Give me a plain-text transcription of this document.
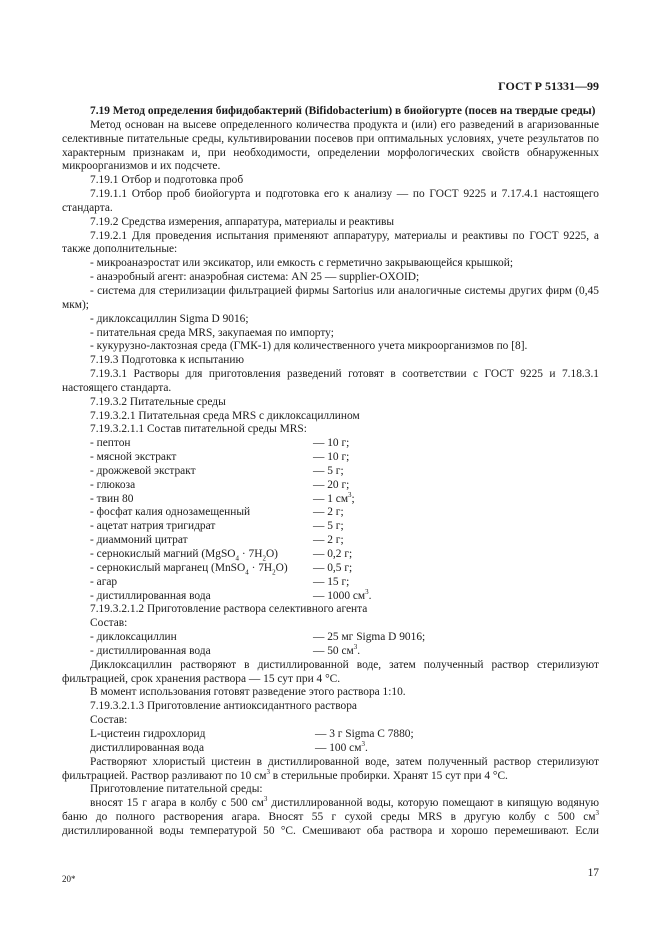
ГОСТ Р 51331—99

7.19 Метод определения бифидобактерий (Bifidobacterium) в биойогурте (посев на твердые среды)

Метод основан на высеве определенного количества продукта и (или) его разведений в агаризованные селективные питательные среды, культивировании посевов при оптимальных условиях, учете результатов по характерным признакам и, при необходимости, определении морфологических свойств обнаруженных микроорганизмов и их подсчете.

7.19.1 Отбор и подготовка проб

7.19.1.1 Отбор проб биойогурта и подготовка его к анализу — по ГОСТ 9225 и 7.17.4.1 настоящего стандарта.

7.19.2 Средства измерения, аппаратура, материалы и реактивы

7.19.2.1 Для проведения испытания применяют аппаратуру, материалы и реактивы по ГОСТ 9225, а также дополнительные:

- микроанаэростат или эксикатор, или емкость с герметично закрывающейся крышкой;

- анаэробный агент: анаэробная система: AN 25 — supplier-OXOID;

- система для стерилизации фильтрацией фирмы Sartorius или аналогичные системы других фирм (0,45 мкм);

- диклоксациллин Sigma D 9016;

- питательная среда MRS, закупаемая по импорту;

- кукурузно-лактозная среда (ГМК-1) для количественного учета микроорганизмов по [8].

7.19.3 Подготовка к испытанию

7.19.3.1 Растворы для приготовления разведений готовят в соответствии с ГОСТ 9225 и 7.18.3.1 настоящего стандарта.

7.19.3.2 Питательные среды

7.19.3.2.1 Питательная среда MRS с диклоксациллином

7.19.3.2.1.1 Состав питательной среды MRS:

- пептон	— 10 г;
- мясной экстракт	— 10 г;
- дрожжевой экстракт	— 5 г;
- глюкоза	— 20 г;
- твин 80	— 1 $см^3$;
- фосфат калия однозамещенный	— 2 г;
- ацетат натрия тригидрат	— 5 г;
- диаммоний цитрат	— 2 г;
- сернокислый магний (MgSO$_4$ · $7H_2O$)	— 0,2 г;
- сернокислый марганец (MnSO$_4$ · $7H_2O$)	— 0,5 г;
- агар	— 15 г;
- дистиллированная вода	— 1000 $см^3$.

7.19.3.2.1.2 Приготовление раствора селективного агента

Состав:

- диклоксациллин	— 25 мг Sigma D 9016;
- дистиллированная вода	— 50 $см^3$.

Диклоксациллин растворяют в дистиллированной воде, затем полученный раствор стерилизуют фильтрацией, срок хранения раствора — 15 сут при 4 °С.

В момент использования готовят разведение этого раствора 1:10.

7.19.3.2.1.3 Приготовление антиоксидантного раствора

Состав:

L-цистеин гидрохлорид	— 3 г Sigma C 7880;
дистиллированная вода	— 100 $см^3$.

Растворяют хлористый цистеин в дистиллированной воде, затем полученный раствор стерилизуют фильтрацией. Раствор разливают по 10 $см^3$ в стерильные пробирки. Хранят 15 сут при 4 °С.

Приготовление питательной среды:

вносят 15 г агара в колбу с 500 $см^3$ дистиллированной воды, которую помещают в кипящую водяную баню до полного растворения агара. Вносят 55 г сухой среды MRS в другую колбу с 500 $см^3$ дистиллированной воды температурой 50 °С. Смешивают оба раствора и хорошо перемешивают. Если

20*	17
